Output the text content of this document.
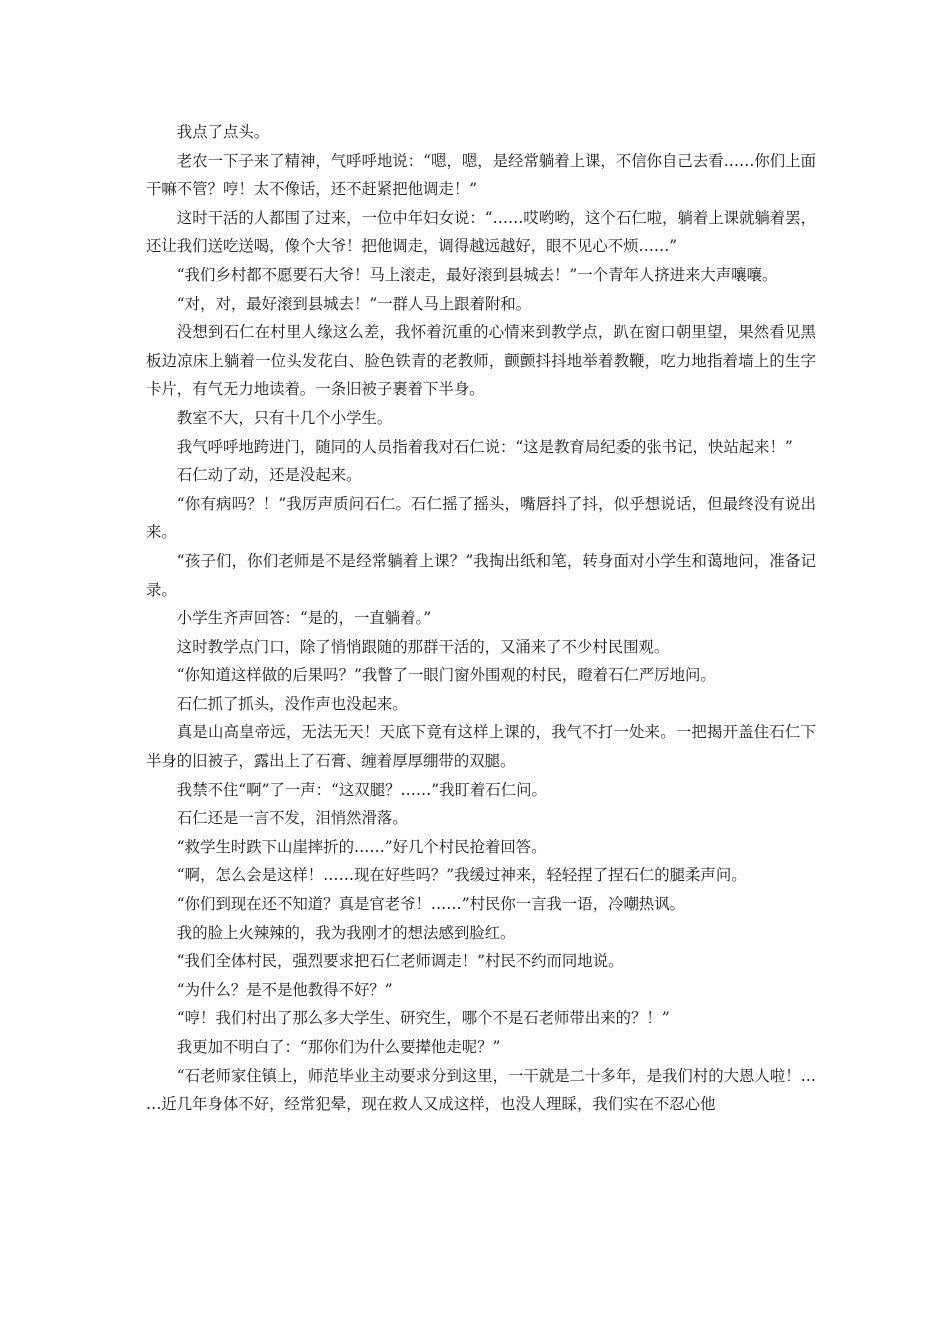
我点了点头。

老农一下子来了精神，气呼呼地说：“嗯，嗯，是经常躺着上课，不信你自己去看……你们上面干嘛不管？哼！太不像话，还不赶紧把他调走！”

这时干活的人都围了过来，一位中年妇女说：“……哎哟哟，这个石仁啦，躺着上课就躺着罢，还让我们送吃送喝，像个大爷！把他调走，调得越远越好，眼不见心不烦……”

“我们乡村都不愿要石大爷！马上滚走，最好滚到县城去！”一个青年人挤进来大声嚷嚷。

“对，对，最好滚到县城去！”一群人马上跟着附和。

没想到石仁在村里人缘这么差，我怀着沉重的心情来到教学点，趴在窗口朝里望，果然看见黑板边凉床上躺着一位头发花白、脸色铁青的老教师，颤颤抖抖地举着教鞭，吃力地指着墙上的生字卡片，有气无力地读着。一条旧被子裹着下半身。

教室不大，只有十几个小学生。

我气呼呼地跨进门，随同的人员指着我对石仁说：“这是教育局纪委的张书记，快站起来！”

石仁动了动，还是没起来。

“你有病吗？！”我厉声质问石仁。石仁摇了摇头，嘴唇抖了抖，似乎想说话，但最终没有说出来。

“孩子们，你们老师是不是经常躺着上课？”我掏出纸和笔，转身面对小学生和蔼地问，准备记录。

小学生齐声回答：“是的，一直躺着。”

这时教学点门口，除了悄悄跟随的那群干活的，又涌来了不少村民围观。

“你知道这样做的后果吗？”我瞥了一眼门窗外围观的村民，瞪着石仁严厉地问。

石仁抓了抓头，没作声也没起来。

真是山高皇帝远，无法无天！天底下竟有这样上课的，我气不打一处来。一把揭开盖住石仁下半身的旧被子，露出上了石膏、缠着厚厚绷带的双腿。

我禁不住“啊”了一声：“这双腿？……”我盯着石仁问。

石仁还是一言不发，泪悄然滑落。

“救学生时跌下山崖摔折的……”好几个村民抢着回答。

“啊，怎么会是这样！……现在好些吗？”我缓过神来，轻轻捏了捏石仁的腿柔声问。

“你们到现在还不知道？真是官老爷！……”村民你一言我一语，冷嘲热讽。

我的脸上火辣辣的，我为我刚才的想法感到脸红。

“我们全体村民，强烈要求把石仁老师调走！”村民不约而同地说。

“为什么？是不是他教得不好？”

“哼！我们村出了那么多大学生、研究生，哪个不是石老师带出来的？！”

我更加不明白了：“那你们为什么要撵他走呢？”

“石老师家住镇上，师范毕业主动要求分到这里，一干就是二十多年，是我们村的大恩人啦！……近几年身体不好，经常犯晕，现在救人又成这样，也没人理睬，我们实在不忍心他
